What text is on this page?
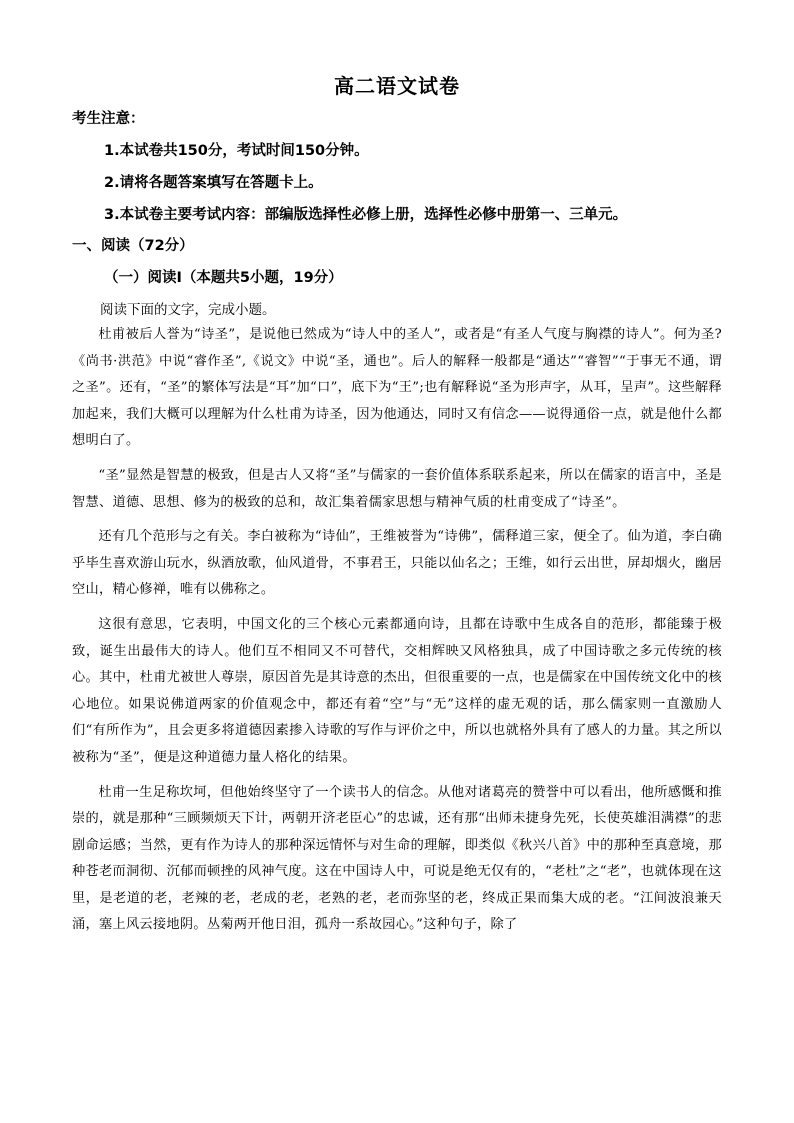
高二语文试卷
考生注意：
1.本试卷共150分，考试时间150分钟。
2.请将各题答案填写在答题卡上。
3.本试卷主要考试内容：部编版选择性必修上册，选择性必修中册第一、三单元。
一、阅读（72分）
（一）阅读Ⅰ（本题共5小题，19分）
阅读下面的文字，完成小题。

杜甫被后人誉为“诗圣”，是说他已然成为“诗人中的圣人”，或者是“有圣人气度与胸襟的诗人”。何为圣?《尚书·洪范》中说“睿作圣”,《说文》中说“圣，通也”。后人的解释一般都是“通达”“睿智”“于事无不通，谓之圣”。还有，“圣”的繁体写法是“耳”加“口”，底下为“王”;也有解释说“圣为形声字，从耳，呈声”。这些解释加起来，我们大概可以理解为什么杜甫为诗圣，因为他通达，同时又有信念——说得通俗一点，就是他什么都想明白了。

“圣”显然是智慧的极致，但是古人又将“圣”与儒家的一套价值体系联系起来，所以在儒家的语言中，圣是智慧、道德、思想、修为的极致的总和，故汇集着儒家思想与精神气质的杜甫变成了“诗圣”。

还有几个范形与之有关。李白被称为“诗仙”，王维被誉为“诗佛”，儒释道三家，便全了。仙为道，李白确乎毕生喜欢游山玩水，纵酒放歌，仙风道骨，不事君王，只能以仙名之；王维，如行云出世，屏却烟火，幽居空山，精心修禅，唯有以佛称之。

这很有意思，它表明，中国文化的三个核心元素都通向诗，且都在诗歌中生成各自的范形，都能臻于极致，诞生出最伟大的诗人。他们互不相同又不可替代，交相辉映又风格独具，成了中国诗歌之多元传统的核心。其中，杜甫尤被世人尊崇，原因首先是其诗意的杰出，但很重要的一点，也是儒家在中国传统文化中的核心地位。如果说佛道两家的价值观念中，都还有着“空”与“无”这样的虚无观的话，那么儒家则一直激励人们“有所作为”，且会更多将道德因素掺入诗歌的写作与评价之中，所以也就格外具有了感人的力量。其之所以被称为“圣”，便是这种道德力量人格化的结果。

杜甫一生足称坎坷，但他始终坚守了一个读书人的信念。从他对诸葛亮的赞誉中可以看出，他所感慨和推崇的，就是那种“三顾频烦天下计，两朝开济老臣心”的忠诚，还有那“出师未捷身先死，长使英雄泪满襟”的悲剧命运感；当然，更有作为诗人的那种深远情怀与对生命的理解，即类似《秋兴八首》中的那种至真意境，那种苍老而洞彻、沉郁而顿挫的风神气度。这在中国诗人中，可说是绝无仅有的，“老杜”之“老”，也就体现在这里，是老道的老，老辣的老，老成的老，老熟的老，老而弥坚的老，终成正果而集大成的老。“江间波浪兼天涌，塞上风云接地阴。丛菊两开他日泪，孤舟一系故园心。”这种句子，除了
